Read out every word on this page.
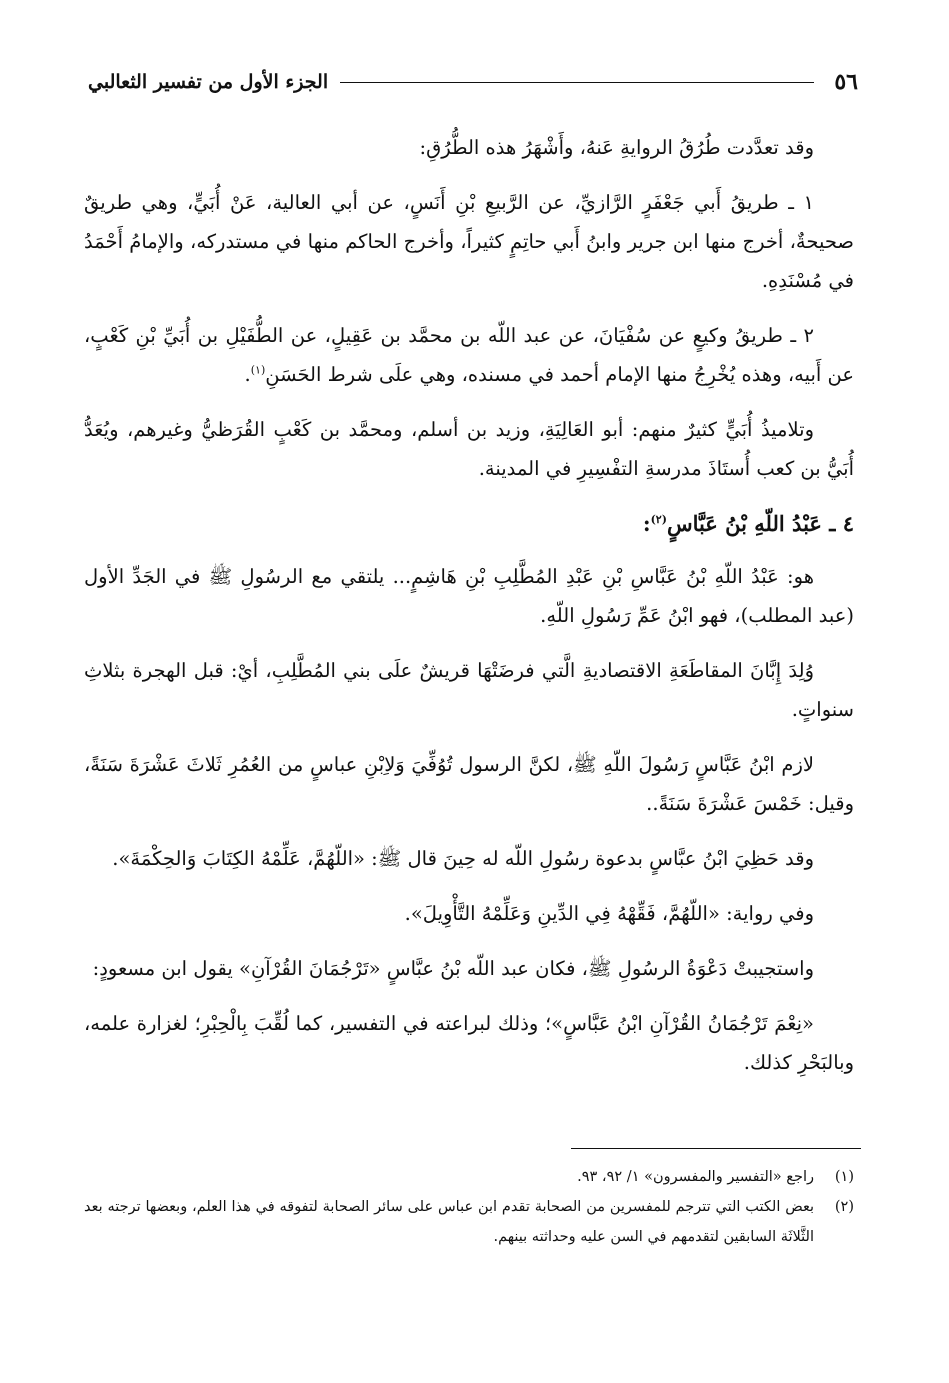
٥٦
الجزء الأول من تفسير الثعالبي

وقد تعدَّدت طُرُقُ الروايةِ عَنهُ، وأَشْهَرُ هذه الطُّرُقِ:

١ ـ طريقُ أَبي جَعْفَرٍ الرَّازيِّ، عن الرَّبيعِ بْنِ أَنَسٍ، عن أبي العالية، عَنْ أُبَيٍّ، وهي طريقٌ صحيحةٌ، أخرج منها ابن جرير وابنُ أَبي حاتِمٍ كثيراً، وأخرج الحاكم منها في مستدركه، والإمامُ أَحْمَدُ في مُسْنَدِهِ.

٢ ـ طريقُ وكيعٍ عن سُفْيَانَ، عن عبد اللّه بن محمَّد بن عَقِيلٍ، عن الطُّفَيْلِ بن أُبَيِّ بْنِ كَعْبٍ، عن أَبيه، وهذه يُخْرِجُ منها الإمام أحمد في مسنده، وهي علَى شرط الحَسَنِ$^{(١)}$.

وتلاميذُ أُبَيٍّ كثيرٌ منهم: أبو العَالِيَةِ، وزيد بن أسلم، ومحمَّد بن كَعْبٍ القُرَظيُّ وغيرهم، ويُعَدُّ أُبَيُّ بن كعب أُستَاذَ مدرسةِ التفْسِيرِ في المدينة.

٤ ـ عَبْدُ اللّهِ بْنُ عَبَّاسٍ$^{(٢)}$:

هو: عَبْدُ اللّهِ بْنُ عَبَّاسِ بْنِ عَبْدِ المُطَّلِبِ بْنِ هَاشِمٍ... يلتقي مع الرسُولِ ﷺ في الجَدِّ الأول (عبد المطلب)، فهو ابْنُ عَمِّ رَسُولِ اللّهِ.

وُلِدَ إِبَّانَ المقاطَعَةِ الاقتصاديةِ الَّتي فرضَتْهَا قريشٌ علَى بني المُطَّلِبِ، أيْ: قبل الهجرة بثلاثِ سنواتٍ.

لازم ابْنُ عَبَّاسٍ رَسُولَ اللّهِ ﷺ، لكنَّ الرسول تُوُفِّيَ وَلاِبْنِ عباسٍ من العُمُرِ ثَلاثَ عَشْرَةَ سَنَةً، وقيل: خَمْسَ عَشْرَةَ سَنَةً..

وقد حَظِيَ ابْنُ عبَّاسٍ بدعوة رسُولِ اللّه له حِينَ قال ﷺ: «اللّهُمَّ، عَلِّمْهُ الكِتَابَ وَالحِكْمَةَ».

وفي رواية: «اللّهُمَّ، فَقِّهْهُ فِي الدِّينِ وَعَلِّمْهُ التَّأْوِيلَ».

واستجيبتْ دَعْوَةُ الرسُولِ ﷺ، فكان عبد اللّه بْنُ عبَّاسٍ «تَرْجُمَانَ القُرْآنِ» يقول ابن مسعودٍ:

«نِعْمَ تَرْجُمَانُ القُرْآنِ ابْنُ عَبَّاسٍ»؛ وذلك لبراعته في التفسير، كما لُقِّبَ بِالْحِبْرِ؛ لغزارة علمه، وبالبَحْرِ كذلك.

(١)
راجع «التفسير والمفسرون» ١/ ٩٢، ٩٣.
(٢)
بعض الكتب التي تترجم للمفسرين من الصحابة تقدم ابن عباس على سائر الصحابة لتفوقه في هذا العلم، وبعضها ترجته بعد الثَّلاثَة السابقين لتقدمهم في السن عليه وحداثته بينهم.
